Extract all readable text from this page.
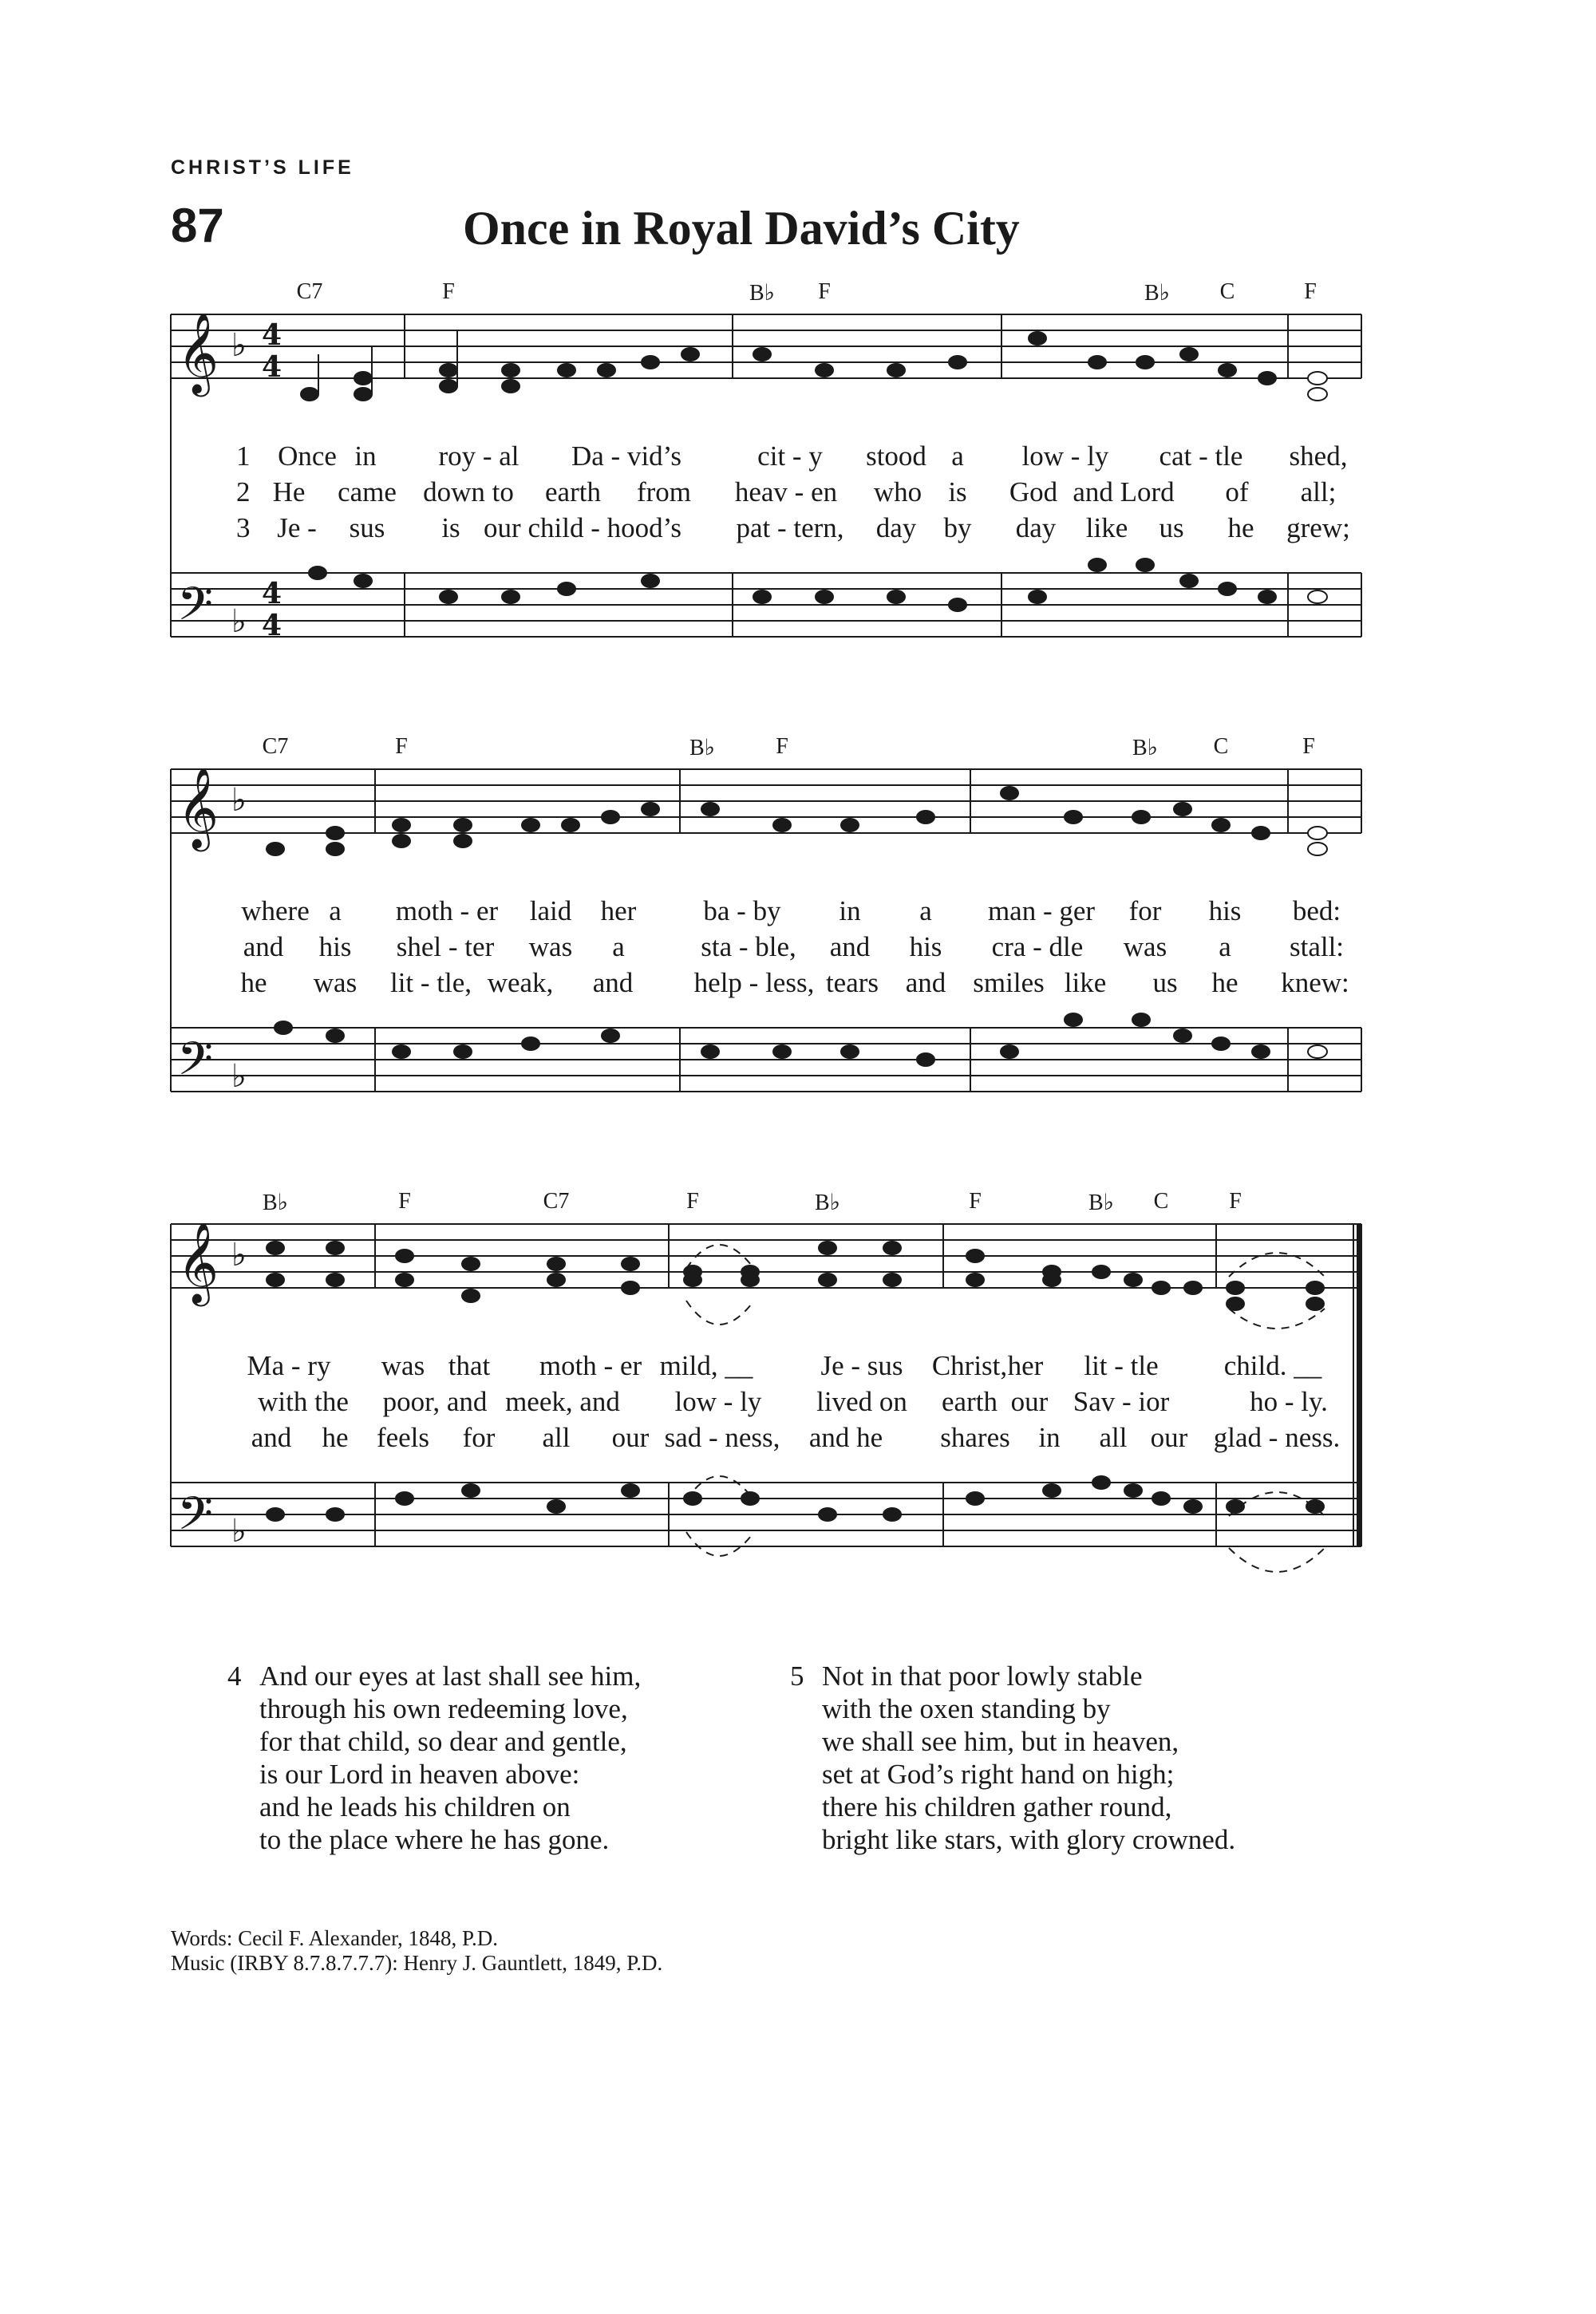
CHRIST’S LIFE
87	Once in Royal David’s City
C7	F	B♭ F	B♭ C	F
𝄞
𝄢
♭
♭
4
4
4
4
1 Once in roy - al Da - vid’s	cit - y stood a low - ly cat - tle shed,
2 He came down to earth from heav - en who is God and Lord of all;
3 Je - sus is our child - hood’s pat - tern, day by day like us he grew;
C7	F	B♭	F	B♭ C	F
𝄞
𝄢
♭
♭
where a moth - er laid her ba - by in a man - ger for his bed:
and his shel - ter was a	sta - ble, and his cra - dle was a stall:
he was lit - tle, weak, and help - less, tears and smiles like us he knew:
B♭	F	C7	F	B♭	F	B♭ C	F
𝄞
𝄢
♭
♭
Ma - ry was that moth - er mild, __ Je - sus Christ, her lit - tle child. __
with the poor, and meek, and low - ly lived on earth our Sav - ior	ho - ly.
and he feels for all our sad - ness, and he shares in all our glad - ness.
4 And our eyes at last shall see him,
through his own redeeming love,
for that child, so dear and gentle,
is our Lord in heaven above:
and he leads his children on
to the place where he has gone.
5 Not in that poor lowly stable
with the oxen standing by
we shall see him, but in heaven,
set at God’s right hand on high;
there his children gather round,
bright like stars, with glory crowned.
Words: Cecil F. Alexander, 1848, P.D.
Music (IRBY 8.7.8.7.7.7): Henry J. Gauntlett, 1849, P.D.
